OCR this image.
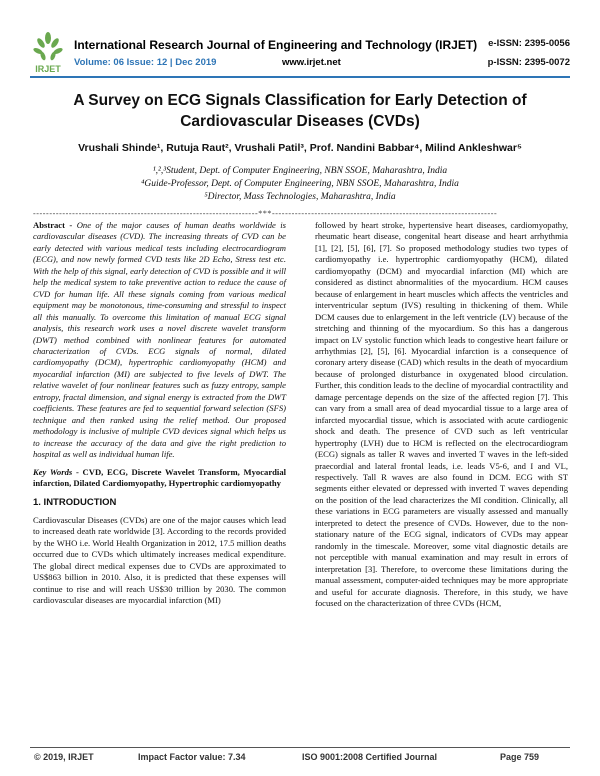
IRJET
International Research Journal of Engineering and Technology (IRJET)
Volume: 06 Issue: 12 | Dec 2019	www.irjet.net
e-ISSN: 2395-0056
p-ISSN: 2395-0072
A Survey on ECG Signals Classification for Early Detection of Cardiovascular Diseases (CVDs)
Vrushali Shinde¹, Rutuja Raut², Vrushali Patil³, Prof. Nandini Babbar⁴, Milind Ankleshwar⁵
¹,²,³Student, Dept. of Computer Engineering, NBN SSOE, Maharashtra, India
⁴Guide-Professor, Dept. of Computer Engineering, NBN SSOE, Maharashtra, India
⁵Director, Mass Technologies, Maharashtra, India
---------------------------------------------------------------------***---------------------------------------------------------------------

Abstract - One of the major causes of human deaths worldwide is cardiovascular diseases (CVD). The increasing threats of CVD can be early detected with various medical tests including electrocardiogram (ECG), and now newly formed CVD tests like 2D Echo, Stress test etc. With the help of this signal, early detection of CVD is possible and it will help the medical system to take preventive action to reduce the cause of CVD for human life. All these signals coming from various medical equipment may be monotonous, time-consuming and stressful to inspect all this manually. To overcome this limitation of manual ECG signal analysis, this research work uses a novel discrete wavelet transform (DWT) method combined with nonlinear features for automated characterization of CVDs. ECG signals of normal, dilated cardiomyopathy (DCM), hypertrophic cardiomyopathy (HCM) and myocardial infarction (MI) are subjected to five levels of DWT. The relative wavelet of four nonlinear features such as fuzzy entropy, sample entropy, fractal dimension, and signal energy is extracted from the DWT coefficients. These features are fed to sequential forward selection (SFS) technique and then ranked using the relief method. Our proposed methodology is inclusive of multiple CVD devices signal which helps us to increase the accuracy of the data and give the right prediction to hospital as well as individual human life.

Key Words - CVD, ECG, Discrete Wavelet Transform, Myocardial infarction, Dilated Cardiomyopathy, Hypertrophic cardiomyopathy

1. INTRODUCTION

Cardiovascular Diseases (CVDs) are one of the major causes which lead to increased death rate worldwide [3]. According to the records provided by the WHO i.e. World Health Organization in 2012, 17.5 million deaths occurred due to CVDs which ultimately increases medical expenditure. The global direct medical expenses due to CVDs are approximated to US$863 billion in 2010. Also, it is predicted that these expenses will continue to rise and will reach US$30 trillion by 2030. The common cardiovascular diseases are myocardial infarction (MI)

followed by heart stroke, hypertensive heart diseases, cardiomyopathy, rheumatic heart disease, congenital heart disease and heart arrhythmia [1], [2], [5], [6], [7]. So proposed methodology studies two types of cardiomyopathy i.e. hypertrophic cardiomyopathy (HCM), dilated cardiomyopathy (DCM) and myocardial infarction (MI) which are considered as distinct abnormalities of the myocardium. HCM causes because of enlargement in heart muscles which affects the ventricles and interventricular septum (IVS) resulting in thickening of them. While DCM causes due to enlargement in the left ventricle (LV) because of the stretching and thinning of the myocardium. So this has a dangerous impact on LV systolic function which leads to congestive heart failure or arrhythmias [2], [5], [6]. Myocardial infarction is a consequence of coronary artery disease (CAD) which results in the death of myocardium because of prolonged disturbance in oxygenated blood circulation. Further, this condition leads to the decline of myocardial contractility and damage percentage depends on the size of the affected region [7]. This can vary from a small area of dead myocardial tissue to a large area of infarcted myocardial tissue, which is associated with acute cardiogenic shock and death. The presence of CVD such as left ventricular hypertrophy (LVH) due to HCM is reflected on the electrocardiogram (ECG) signals as taller R waves and inverted T waves in the left-sided praecordial and lateral frontal leads, i.e. leads V5-6, and I and VL, respectively. Tall R waves are also found in DCM. ECG with ST segments either elevated or depressed with inverted T waves depending on the position of the lead characterizes the MI condition. Clinically, all these variations in ECG parameters are visually assessed and manually interpreted to detect the presence of CVDs. However, due to the non-stationary nature of the ECG signal, indicators of CVDs may appear randomly in the timescale. Moreover, some vital diagnostic details are not perceptible with manual examination and may result in errors of interpretation [3]. Therefore, to overcome these limitations during the manual assessment, computer-aided techniques may be more appropriate and useful for accurate diagnosis. Therefore, in this study, we have focused on the characterization of three CVDs (HCM,

© 2019, IRJET	Impact Factor value: 7.34	ISO 9001:2008 Certified Journal	Page 759
